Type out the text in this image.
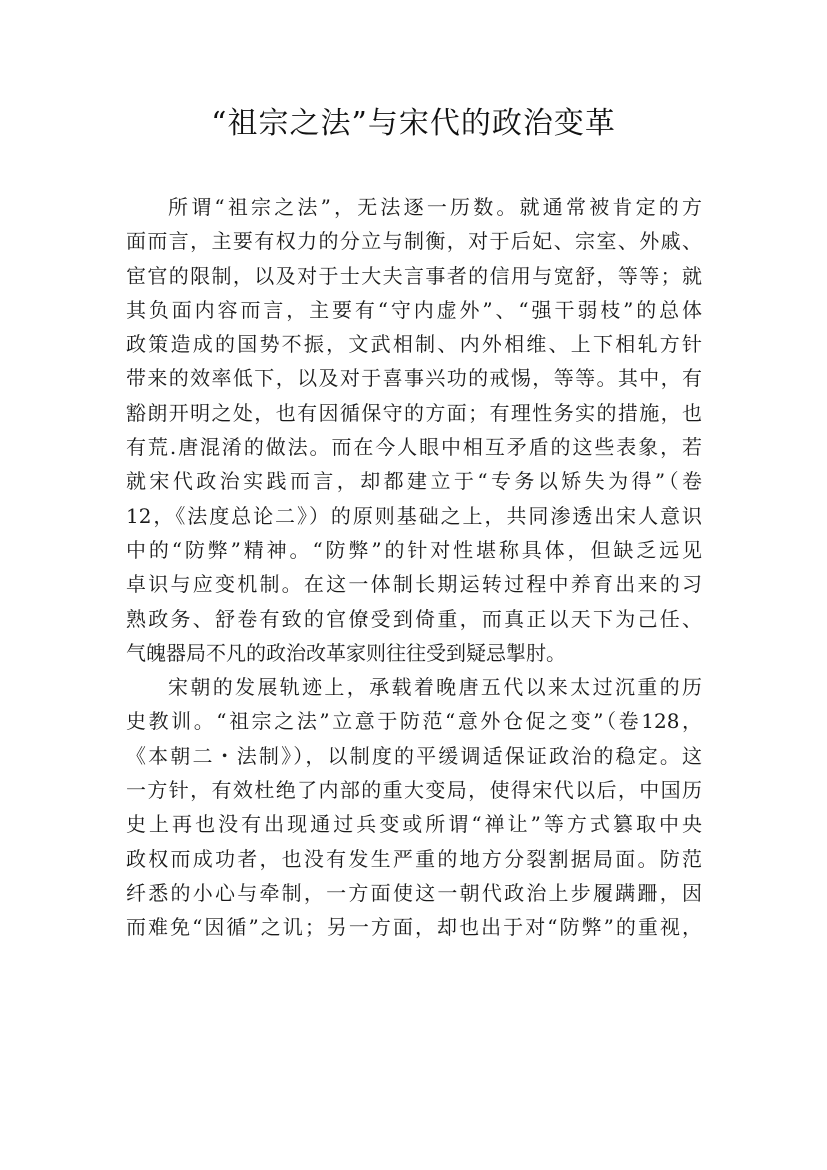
“祖宗之法”与宋代的政治变革
所谓“祖宗之法”，无法逐一历数。就通常被肯定的方
面而言，主要有权力的分立与制衡，对于后妃、宗室、外戚、
宦官的限制，以及对于士大夫言事者的信用与宽舒，等等；就
其负面内容而言，主要有“守内虚外”、“强干弱枝”的总体
政策造成的国势不振，文武相制、内外相维、上下相轧方针
带来的效率低下，以及对于喜事兴功的戒惕，等等。其中，有
豁朗开明之处，也有因循保守的方面；有理性务实的措施，也
有荒.唐混淆的做法。而在今人眼中相互矛盾的这些表象，若
就宋代政治实践而言，却都建立于“专务以矫失为得”（卷
12，《法度总论二》）的原则基础之上，共同渗透出宋人意识
中的“防弊”精神。“防弊”的针对性堪称具体，但缺乏远见
卓识与应变机制。在这一体制长期运转过程中养育出来的习
熟政务、舒卷有致的官僚受到倚重，而真正以天下为己任、
气魄器局不凡的政治改革家则往往受到疑忌掣肘。
宋朝的发展轨迹上，承载着晚唐五代以来太过沉重的历
史教训。“祖宗之法”立意于防范“意外仓促之变”（卷128，
《本朝二・法制》），以制度的平缓调适保证政治的稳定。这
一方针，有效杜绝了内部的重大变局，使得宋代以后，中国历
史上再也没有出现通过兵变或所谓“禅让”等方式篡取中央
政权而成功者，也没有发生严重的地方分裂割据局面。防范
纤悉的小心与牵制，一方面使这一朝代政治上步履蹒跚，因
而难免“因循”之讥；另一方面，却也出于对“防弊”的重视，
